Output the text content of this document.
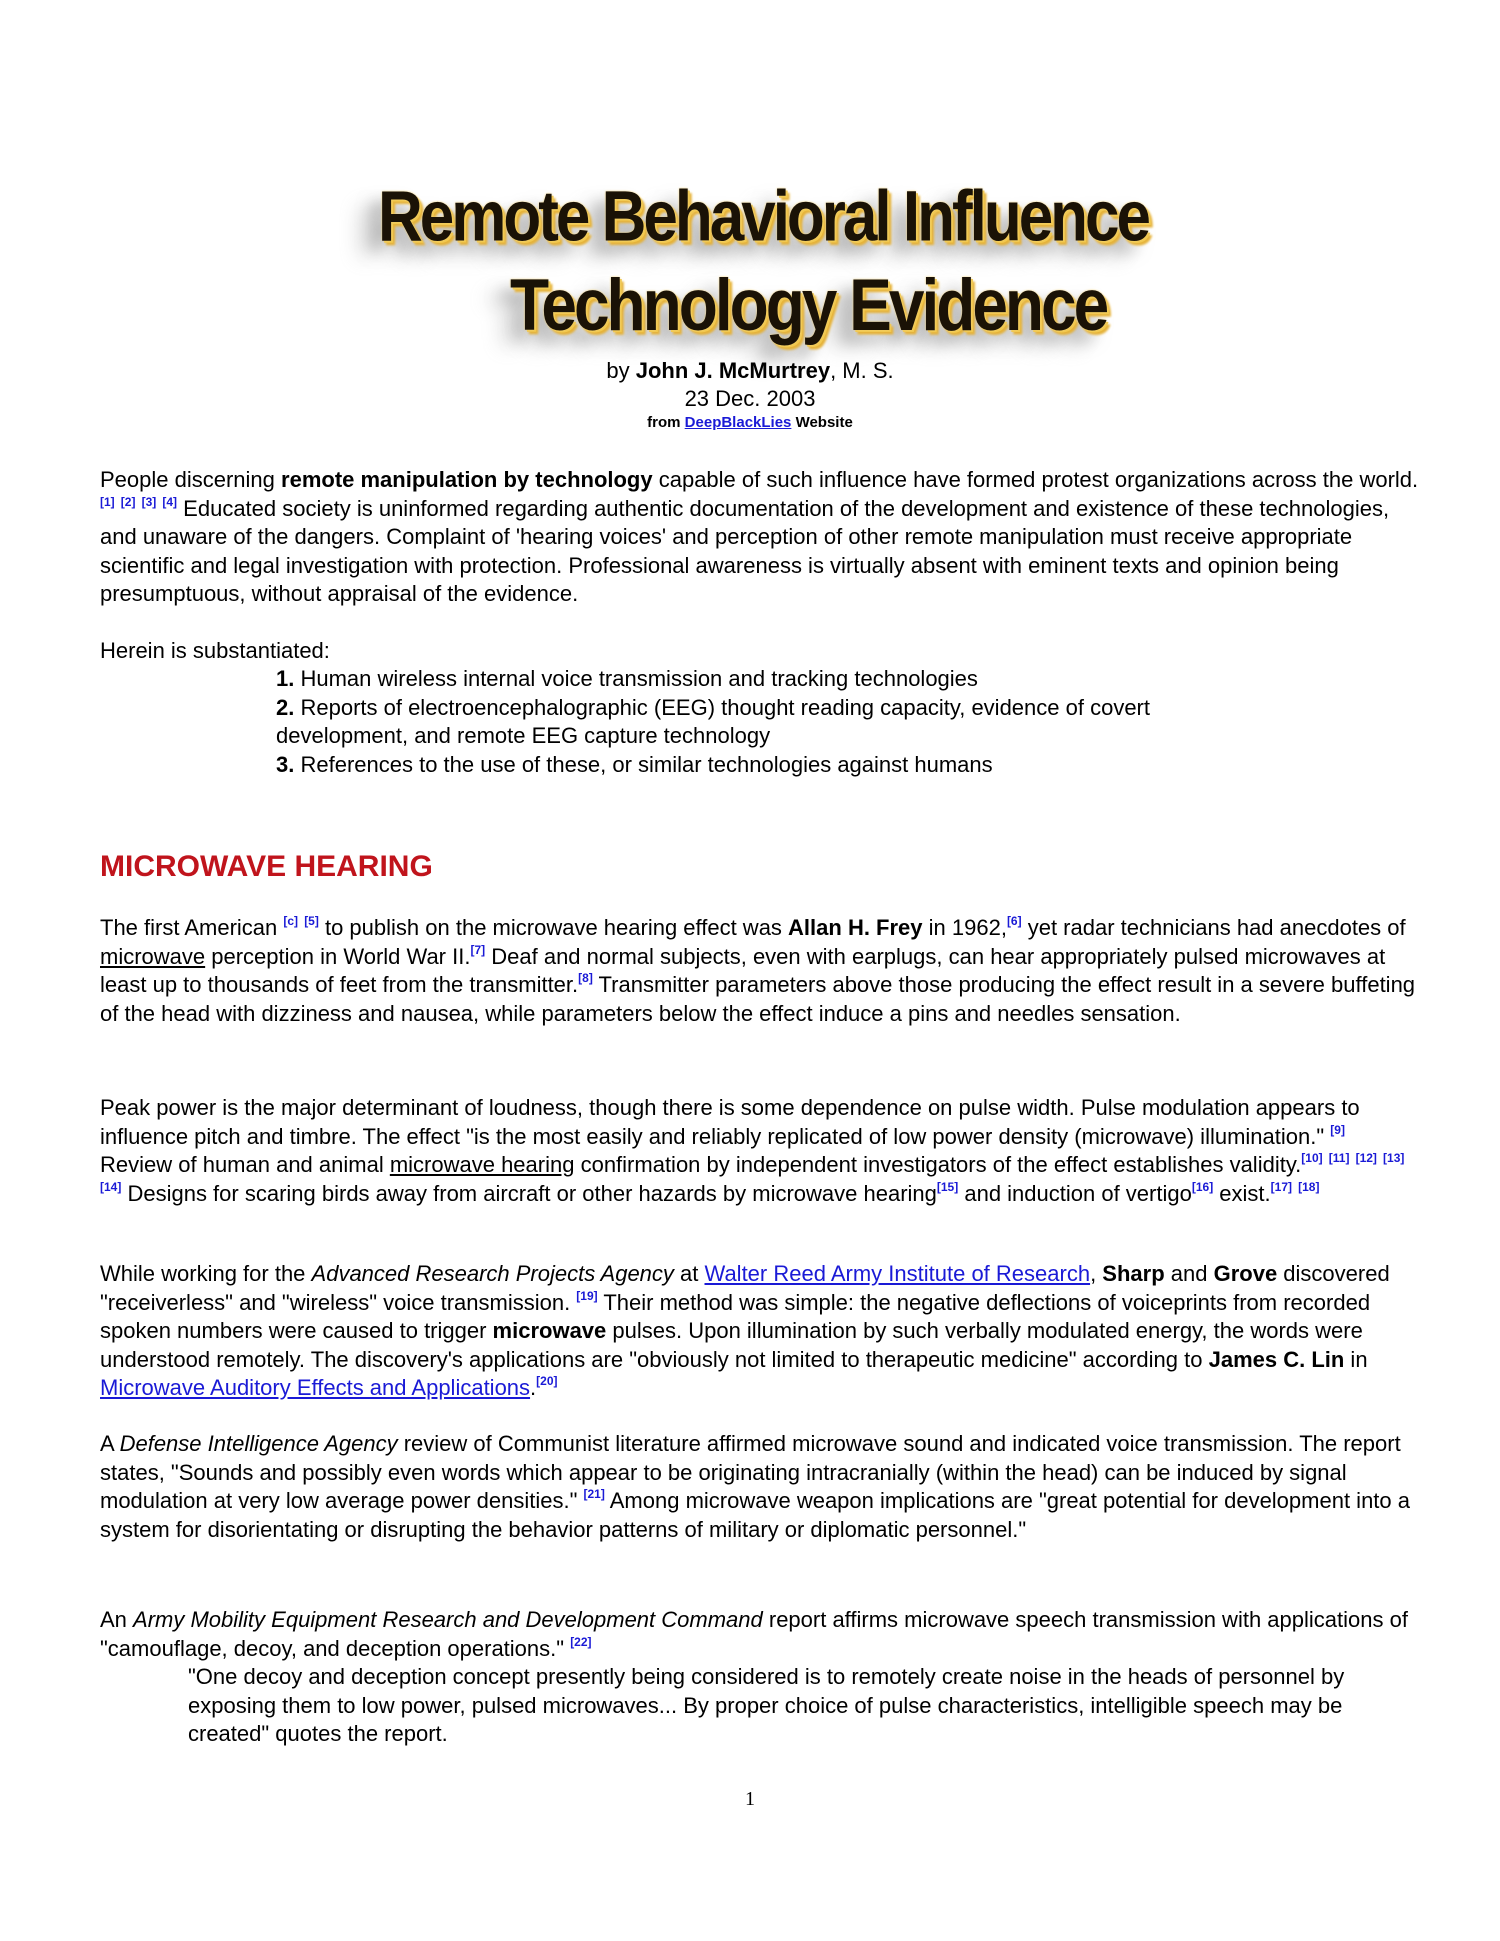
Remote Behavioral Influence
Technology Evidence
by John J. McMurtrey, M. S.
23 Dec. 2003
from DeepBlackLies Website

People discerning remote manipulation by technology capable of such influence have formed protest organizations across the world.[1] [2] [3] [4] Educated society is uninformed regarding authentic documentation of the development and existence of these technologies, and unaware of the dangers. Complaint of 'hearing voices' and perception of other remote manipulation must receive appropriate scientific and legal investigation with protection. Professional awareness is virtually absent with eminent texts and opinion being presumptuous, without appraisal of the evidence.

Herein is substantiated:
1. Human wireless internal voice transmission and tracking technologies
2. Reports of electroencephalographic (EEG) thought reading capacity, evidence of covert development, and remote EEG capture technology
3. References to the use of these, or similar technologies against humans
MICROWAVE HEARING

The first American [c] [5] to publish on the microwave hearing effect was Allan H. Frey in 1962,[6] yet radar technicians had anecdotes of microwave perception in World War II.[7] Deaf and normal subjects, even with earplugs, can hear appropriately pulsed microwaves at least up to thousands of feet from the transmitter.[8] Transmitter parameters above those producing the effect result in a severe buffeting of the head with dizziness and nausea, while parameters below the effect induce a pins and needles sensation.

Peak power is the major determinant of loudness, though there is some dependence on pulse width. Pulse modulation appears to influence pitch and timbre. The effect "is the most easily and reliably replicated of low power density (microwave) illumination." [9] Review of human and animal microwave hearing confirmation by independent investigators of the effect establishes validity.[10] [11] [12] [13] [14] Designs for scaring birds away from aircraft or other hazards by microwave hearing[15] and induction of vertigo[16] exist.[17] [18]

While working for the Advanced Research Projects Agency at Walter Reed Army Institute of Research, Sharp and Grove discovered "receiverless" and "wireless" voice transmission. [19] Their method was simple: the negative deflections of voiceprints from recorded spoken numbers were caused to trigger microwave pulses. Upon illumination by such verbally modulated energy, the words were understood remotely. The discovery's applications are "obviously not limited to therapeutic medicine" according to James C. Lin in Microwave Auditory Effects and Applications.[20]

A Defense Intelligence Agency review of Communist literature affirmed microwave sound and indicated voice transmission. The report states, "Sounds and possibly even words which appear to be originating intracranially (within the head) can be induced by signal modulation at very low average power densities." [21] Among microwave weapon implications are "great potential for development into a system for disorientating or disrupting the behavior patterns of military or diplomatic personnel."

An Army Mobility Equipment Research and Development Command report affirms microwave speech transmission with applications of "camouflage, decoy, and deception operations." [22]

"One decoy and deception concept presently being considered is to remotely create noise in the heads of personnel by exposing them to low power, pulsed microwaves... By proper choice of pulse characteristics, intelligible speech may be created" quotes the report.
1
